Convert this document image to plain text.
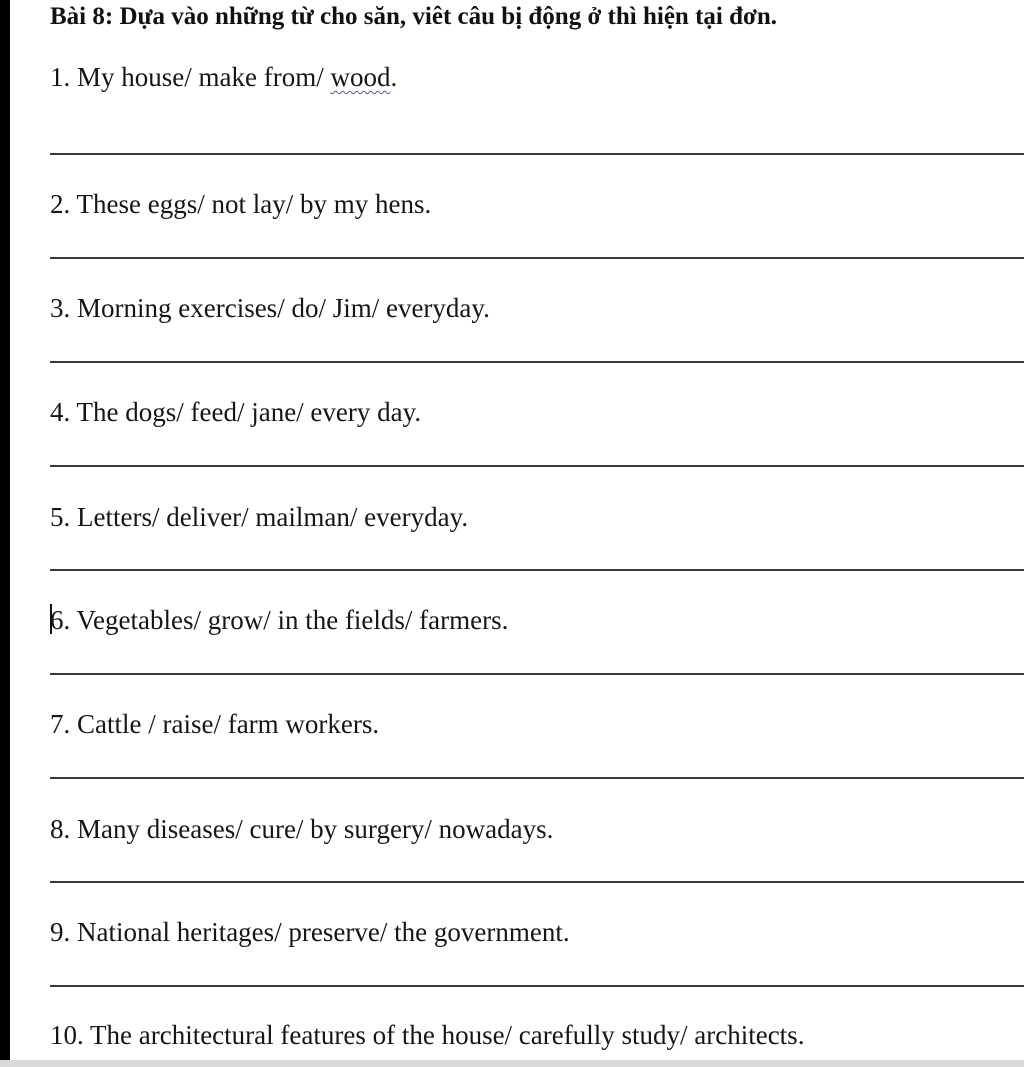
Bài 8: Dựa vào những từ cho săn, viêt câu bị động ở thì hiện tại đơn.
1. My house/ make from/ wood.
2. These eggs/ not lay/ by my hens.
3. Morning exercises/ do/ Jim/ everyday.
4. The dogs/ feed/ jane/ every day.
5. Letters/ deliver/ mailman/ everyday.
6. Vegetables/ grow/ in the fields/ farmers.
7. Cattle / raise/ farm workers.
8. Many diseases/ cure/ by surgery/ nowadays.
9. National heritages/ preserve/ the government.
10. The architectural features of the house/ carefully study/ architects.
